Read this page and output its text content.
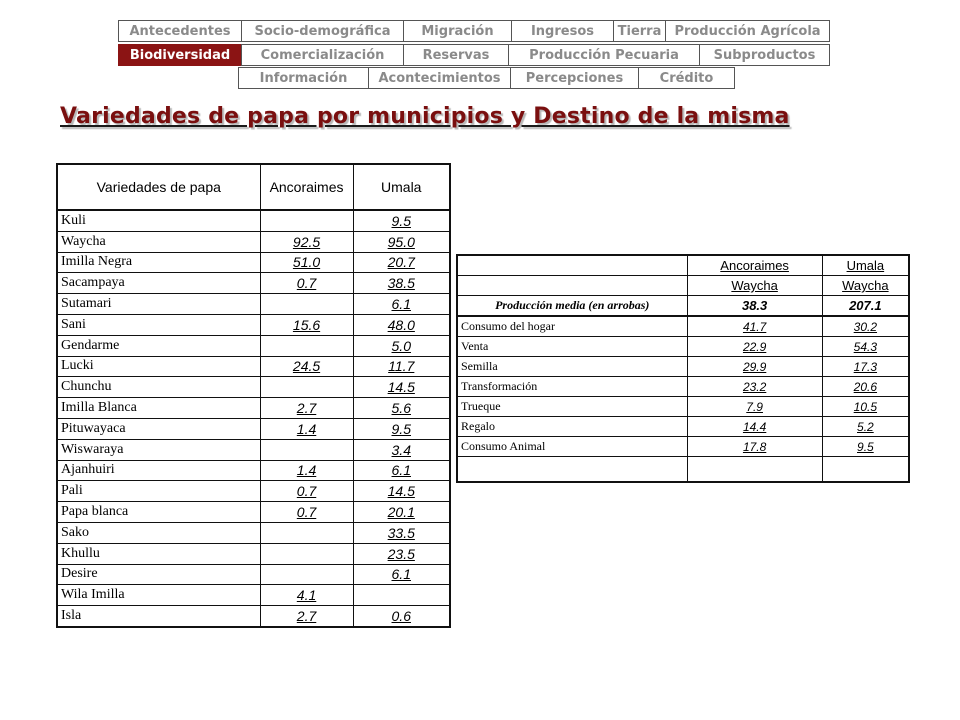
Antecedentes	Socio-demográfica	Migración	Ingresos	Tierra	Producción Agrícola
Biodiversidad	Comercialización	Reservas	Producción Pecuaria	Subproductos
Información	Acontecimientos	Percepciones	Crédito
Variedades de papa por municipios y Destino de la misma
Variedades de papa	Ancoraimes	Umala
Kuli		9.5
Waycha	92.5	95.0
Imilla Negra	51.0	20.7
Sacampaya	0.7	38.5
Sutamari		6.1
Sani	15.6	48.0
Gendarme		5.0
Lucki	24.5	11.7
Chunchu		14.5
Imilla Blanca	2.7	5.6
Pituwayaca	1.4	9.5
Wiswaraya		3.4
Ajanhuiri	1.4	6.1
Pali	0.7	14.5
Papa blanca	0.7	20.1
Sako		33.5
Khullu		23.5
Desire		6.1
Wila Imilla	4.1	
Isla	2.7	0.6
	Ancoraimes	Umala
	Waycha	Waycha
Producción media (en arrobas)	38.3	207.1
Consumo del hogar	41.7	30.2
Venta	22.9	54.3
Semilla	29.9	17.3
Transformación	23.2	20.6
Trueque	7.9	10.5
Regalo	14.4	5.2
Consumo Animal	17.8	9.5
